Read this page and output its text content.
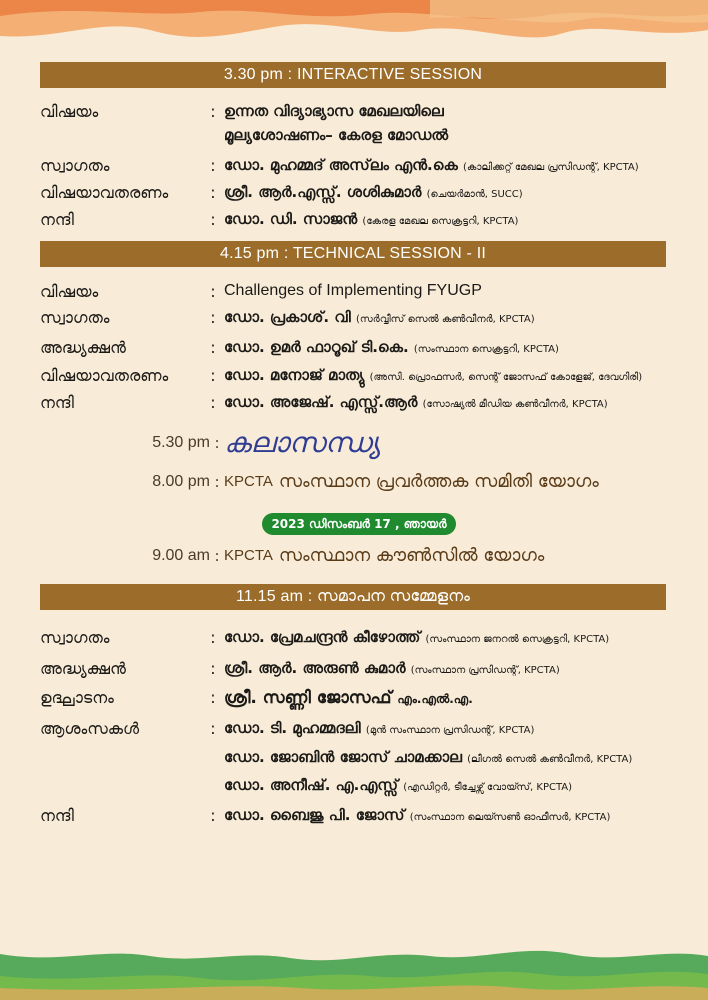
3.30 pm : INTERACTIVE SESSION
വിഷയം	: ഉന്നത വിദ്യാഭ്യാസ മേഖലയിലെ
മൂല്യശോഷണം– കേരള മോഡൽ
സ്വാഗതം	: ഡോ. മുഹമ്മദ് അസ്‌ലം എൻ.കെ (കാലിക്കറ്റ് മേഖല പ്രസിഡന്റ്, KPCTA)
വിഷയാവതരണം	: ശ്രീ. ആർ.എസ്സ്. ശശികുമാർ (ചെയർമാൻ, SUCC)
നന്ദി	: ഡോ. ഡി. സാജൻ (കേരള മേഖല സെക്രട്ടറി, KPCTA)
4.15 pm : TECHNICAL SESSION - II
വിഷയം	: Challenges of Implementing FYUGP
സ്വാഗതം	: ഡോ. പ്രകാശ്. വി (സർവ്വീസ് സെൽ കൺവീനർ, KPCTA)
അദ്ധ്യക്ഷൻ	: ഡോ. ഉമർ ഫാറൂഖ് ടി.കെ. (സംസ്ഥാന സെക്രട്ടറി, KPCTA)
വിഷയാവതരണം	: ഡോ. മനോജ് മാത്യു (അസി. പ്രൊഫസർ, സെന്റ് ജോസഫ് കോളേജ്, ദേവഗിരി)
നന്ദി	: ഡോ. അജേഷ്. എസ്സ്.ആർ (സോഷ്യൽ മീഡിയ കൺവീനർ, KPCTA)
5.30 pm : കലാസന്ധ്യ
8.00 pm : KPCTA സംസ്ഥാന പ്രവർത്തക സമിതി യോഗം
2023 ഡിസംബർ 17 , ഞായർ
9.00 am : KPCTA സംസ്ഥാന കൗൺസിൽ യോഗം
11.15 am : സമാപന സമ്മേളനം
സ്വാഗതം	: ഡോ. പ്രേമചന്ദ്രൻ കീഴോത്ത് (സംസ്ഥാന ജനറൽ സെക്രട്ടറി, KPCTA)
അദ്ധ്യക്ഷൻ	: ശ്രീ. ആർ. അരുൺ കുമാർ (സംസ്ഥാന പ്രസിഡന്റ്, KPCTA)
ഉദ്ഘാടനം	: ശ്രീ. സണ്ണി ജോസഫ് എം.എൽ.എ.
ആശംസകൾ	: ഡോ. ടി. മുഹമ്മദലി (മുൻ സംസ്ഥാന പ്രസിഡന്റ്, KPCTA)
ഡോ. ജോബിൻ ജോസ് ചാമക്കാല (ലീഗൽ സെൽ കൺവീനർ, KPCTA)
ഡോ. അനീഷ്. എ.എസ്സ് (എഡിറ്റർ, ടീച്ചേഴ്സ് വോയ്സ്, KPCTA)
നന്ദി	: ഡോ. ബൈജു പി. ജോസ് (സംസ്ഥാന ലെയ്സൺ ഓഫീസർ, KPCTA)
